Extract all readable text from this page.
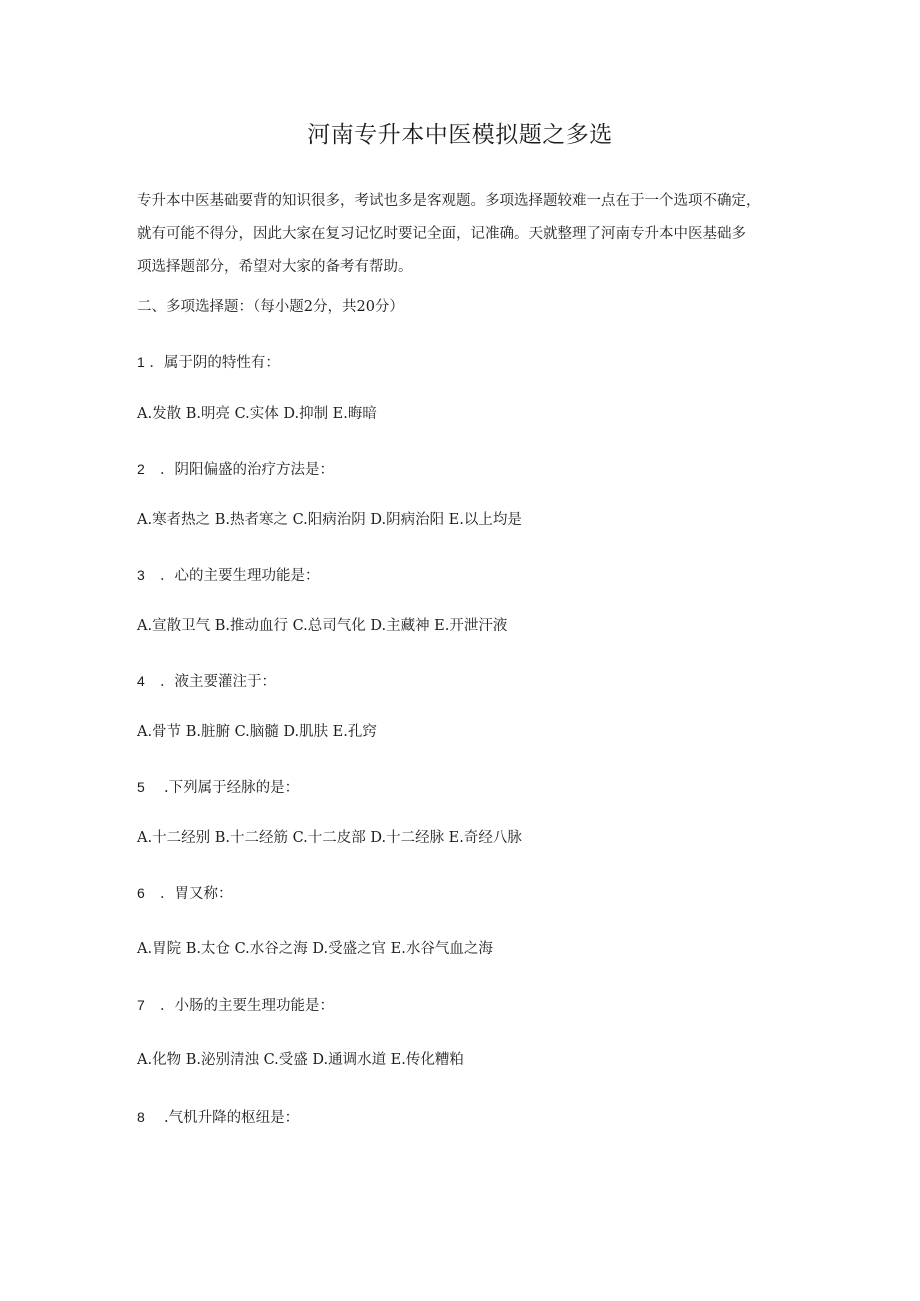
河南专升本中医模拟题之多选

专升本中医基础要背的知识很多，考试也多是客观题。多项选择题较难一点在于一个选项不确定，

就有可能不得分，因此大家在复习记忆时要记全面，记准确。天就整理了河南专升本中医基础多

项选择题部分，希望对大家的备考有帮助。

二、多项选择题：（每小题2分，共20分）
1 ．属于阴的特性有：
A.发散 B.明亮 C.实体 D.抑制 E.晦暗
2 ．阴阳偏盛的治疗方法是：
A.寒者热之 B.热者寒之 C.阳病治阴 D.阴病治阳 E.以上均是
3 ．心的主要生理功能是：
A.宣散卫气 B.推动血行 C.总司气化 D.主藏神 E.开泄汗液
4 ．液主要灌注于：
A.骨节 B.脏腑 C.脑髓 D.肌肤 E.孔窍
5 .下列属于经脉的是：
A.十二经别 B.十二经筋 C.十二皮部 D.十二经脉 E.奇经八脉
6 ．胃又称：
A.胃院 B.太仓 C.水谷之海 D.受盛之官 E.水谷气血之海
7 ．小肠的主要生理功能是：
A.化物 B.泌别清浊 C.受盛 D.通调水道 E.传化糟粕
8 .气机升降的枢纽是：
